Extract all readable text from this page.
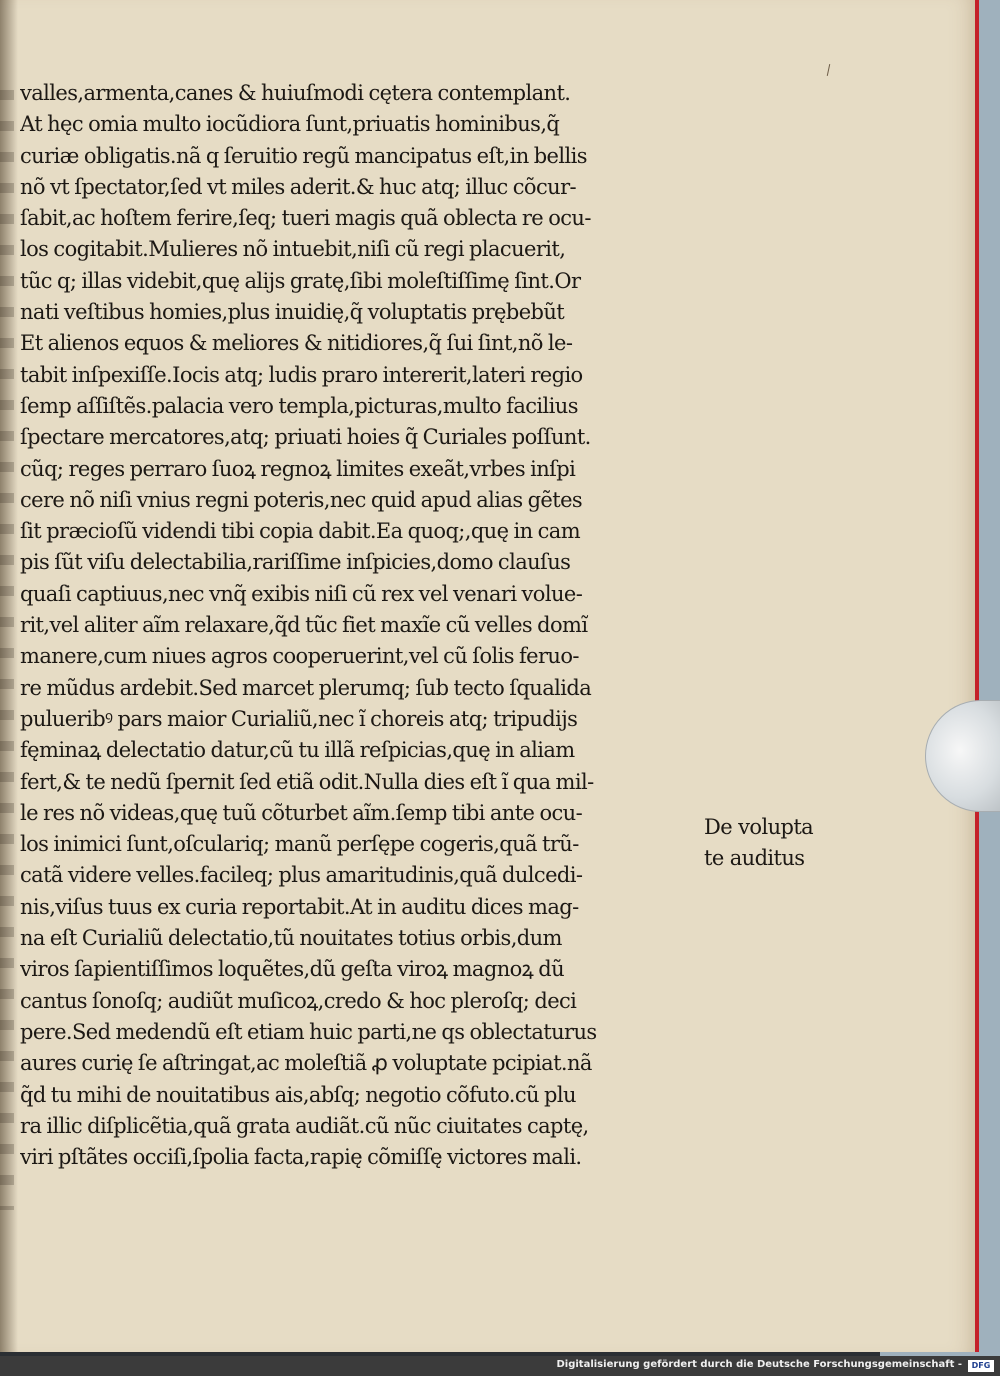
valles,armenta,canes & huiuſmodi cętera contemplant.
At hęc omia multo iocũdiora ſunt,priuatis hominibus,q̃
curiæ obligatis.nã q ſeruitio regũ mancipatus eſt,in bellis
nõ vt ſpectator,ſed vt miles aderit.& huc atq; illuc cõcur-
ſabit,ac hoſtem ferire,ſeq; tueri magis quã oblecta re ocu-
los cogitabit.Mulieres nõ intuebit,niſi cũ regi placuerit,
tũc q; illas videbit,quę alijs gratę,ſibi moleſtiſſimę ſint.Or
nati veſtibus homies,plus inuidię,q̃ voluptatis prębebũt
Et alienos equos & meliores & nitidiores,q̃ ſui ſint,nõ le-
tabit inſpexiſſe.Iocis atq; ludis praro intererit,lateri regio
ſemp aſſiſtẽs.palacia vero templa,picturas,multo facilius
ſpectare mercatores,atq; priuati hoies q̃ Curiales poſſunt.
cũq; reges perraro ſuoꝝ regnoꝝ limites exeãt,vrbes inſpi
cere nõ niſi vnius regni poteris,nec quid apud alias gẽtes
ſit præcioſũ videndi tibi copia dabit.Ea quoq;,quę in cam
pis ſũt viſu delectabilia,rariſſime inſpicies,domo clauſus
quaſi captiuus,nec vnq̃ exibis niſi cũ rex vel venari volue-
rit,vel aliter aĩm relaxare,q̃d tũc fiet maxĩe cũ velles domĩ
manere,cum niues agros cooperuerint,vel cũ ſolis feruo-
re mũdus ardebit.Sed marcet plerumq; ſub tecto ſqualida
pulueribꝰ pars maior Curialiũ,nec ĩ choreis atq; tripudijs
fęminaꝝ delectatio datur,cũ tu illã reſpicias,quę in aliam
fert,& te nedũ ſpernit ſed etiã odit.Nulla dies eſt ĩ qua mil-
le res nõ videas,quę tuũ cõturbet aĩm.ſemp tibi ante ocu-
los inimici ſunt,oſculariq; manũ perſępe cogeris,quã trũ-
catã videre velles.facileq; plus amaritudinis,quã dulcedi-
nis,viſus tuus ex curia reportabit.At in auditu dices mag-
na eſt Curialiũ delectatio,tũ nouitates totius orbis,dum
viros ſapientiſſimos loquẽtes,dũ geſta viroꝝ magnoꝝ dũ
cantus ſonoſq; audiũt muſicoꝝ,credo & hoc pleroſq; deci
pere.Sed medendũ eſt etiam huic parti,ne qs oblectaturus
aures curię ſe aſtringat,ac moleſtiã ꝓ voluptate pcipiat.nã
q̃d tu mihi de nouitatibus ais,abſq; negotio cõfuto.cũ plu
ra illic diſplicẽtia,quã grata audiãt.cũ nũc ciuitates captę,
viri pſtãtes occiſi,ſpolia facta,rapię cõmiſſę victores mali.
De volupta
te auditus
Digitalisierung gefördert durch die Deutsche Forschungsgemeinschaft -	DFG
